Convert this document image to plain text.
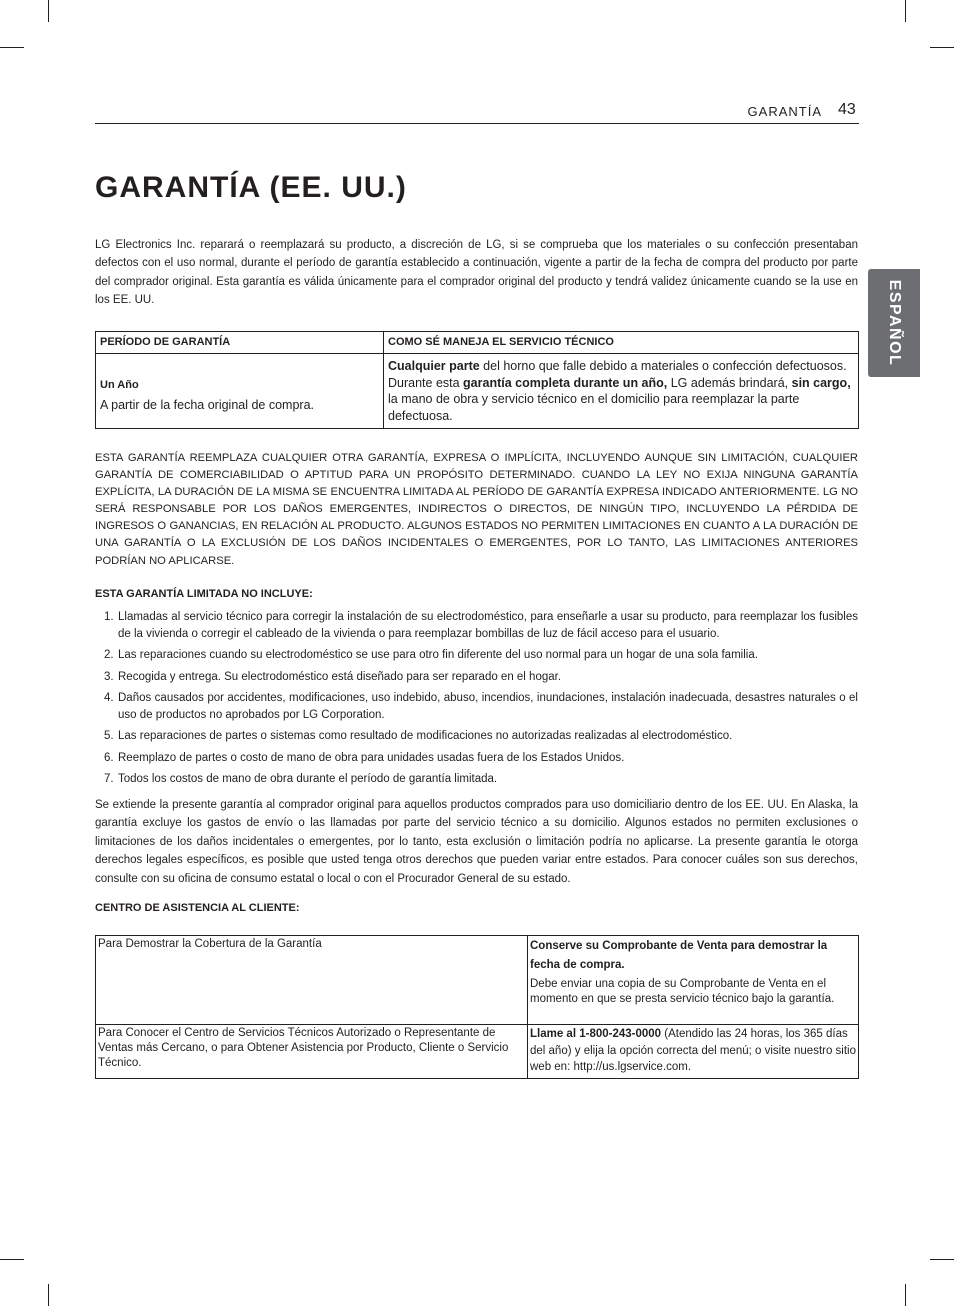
GARANTÍA 43
ESPAÑOL
GARANTÍA (EE. UU.)

LG Electronics Inc. reparará o reemplazará su producto, a discreción de LG, si se comprueba que los materiales o su confección presentaban defectos con el uso normal, durante el período de garantía establecido a continuación, vigente a partir de la fecha de compra del producto por parte del comprador original. Esta garantía es válida únicamente para el comprador original del producto y tendrá validez únicamente cuando se la use en los EE. UU.

PERÍODO DE GARANTÍA	COMO SÉ MANEJA EL SERVICIO TÉCNICO

Un Año
A partir de la fecha original de compra.	Cualquier parte del horno que falle debido a materiales o confección defectuosos. Durante esta garantía completa durante un año, LG además brindará, sin cargo, la mano de obra y servicio técnico en el domicilio para reemplazar la parte defectuosa.

ESTA GARANTÍA REEMPLAZA CUALQUIER OTRA GARANTÍA, EXPRESA O IMPLÍCITA, INCLUYENDO AUNQUE SIN LIMITACIÓN, CUALQUIER GARANTÍA DE COMERCIABILIDAD O APTITUD PARA UN PROPÓSITO DETERMINADO. CUANDO LA LEY NO EXIJA NINGUNA GARANTÍA EXPLÍCITA, LA DURACIÓN DE LA MISMA SE ENCUENTRA LIMITADA AL PERÍODO DE GARANTÍA EXPRESA INDICADO ANTERIORMENTE. LG NO SERÁ RESPONSABLE POR LOS DAÑOS EMERGENTES, INDIRECTOS O DIRECTOS, DE NINGÚN TIPO, INCLUYENDO LA PÉRDIDA DE INGRESOS O GANANCIAS, EN RELACIÓN AL PRODUCTO. ALGUNOS ESTADOS NO PERMITEN LIMITACIONES EN CUANTO A LA DURACIÓN DE UNA GARANTÍA O LA EXCLUSIÓN DE LOS DAÑOS INCIDENTALES O EMERGENTES, POR LO TANTO, LAS LIMITACIONES ANTERIORES PODRÍAN NO APLICARSE.

ESTA GARANTÍA LIMITADA NO INCLUYE:
1. Llamadas al servicio técnico para corregir la instalación de su electrodoméstico, para enseñarle a usar su producto, para reemplazar los fusibles de la vivienda o corregir el cableado de la vivienda o para reemplazar bombillas de luz de fácil acceso para el usuario.
2. Las reparaciones cuando su electrodoméstico se use para otro fin diferente del uso normal para un hogar de una sola familia.
3. Recogida y entrega. Su electrodoméstico está diseñado para ser reparado en el hogar.
4. Daños causados por accidentes, modificaciones, uso indebido, abuso, incendios, inundaciones, instalación inadecuada, desastres naturales o el uso de productos no aprobados por LG Corporation.
5. Las reparaciones de partes o sistemas como resultado de modificaciones no autorizadas realizadas al electrodoméstico.
6. Reemplazo de partes o costo de mano de obra para unidades usadas fuera de los Estados Unidos.
7. Todos los costos de mano de obra durante el período de garantía limitada.

Se extiende la presente garantía al comprador original para aquellos productos comprados para uso domiciliario dentro de los EE. UU. En Alaska, la garantía excluye los gastos de envío o las llamadas por parte del servicio técnico a su domicilio. Algunos estados no permiten exclusiones o limitaciones de los daños incidentales o emergentes, por lo tanto, esta exclusión o limitación podría no aplicarse. La presente garantía le otorga derechos legales específicos, es posible que usted tenga otros derechos que pueden variar entre estados. Para conocer cuáles son sus derechos, consulte con su oficina de consumo estatal o local o con el Procurador General de su estado.

CENTRO DE ASISTENCIA AL CLIENTE:
Para Demostrar la Cobertura de la Garantía	Conserve su Comprobante de Venta para demostrar la fecha de compra.
Debe enviar una copia de su Comprobante de Venta en el momento en que se presta servicio técnico bajo la garantía.
Para Conocer el Centro de Servicios Técnicos Autorizado o Representante de Ventas más Cercano, o para Obtener Asistencia por Producto, Cliente o Servicio Técnico.	Llame al 1-800-243-0000 (Atendido las 24 horas, los 365 días del año) y elija la opción correcta del menú; o visite nuestro sitio web en: http://us.lgservice.com.
